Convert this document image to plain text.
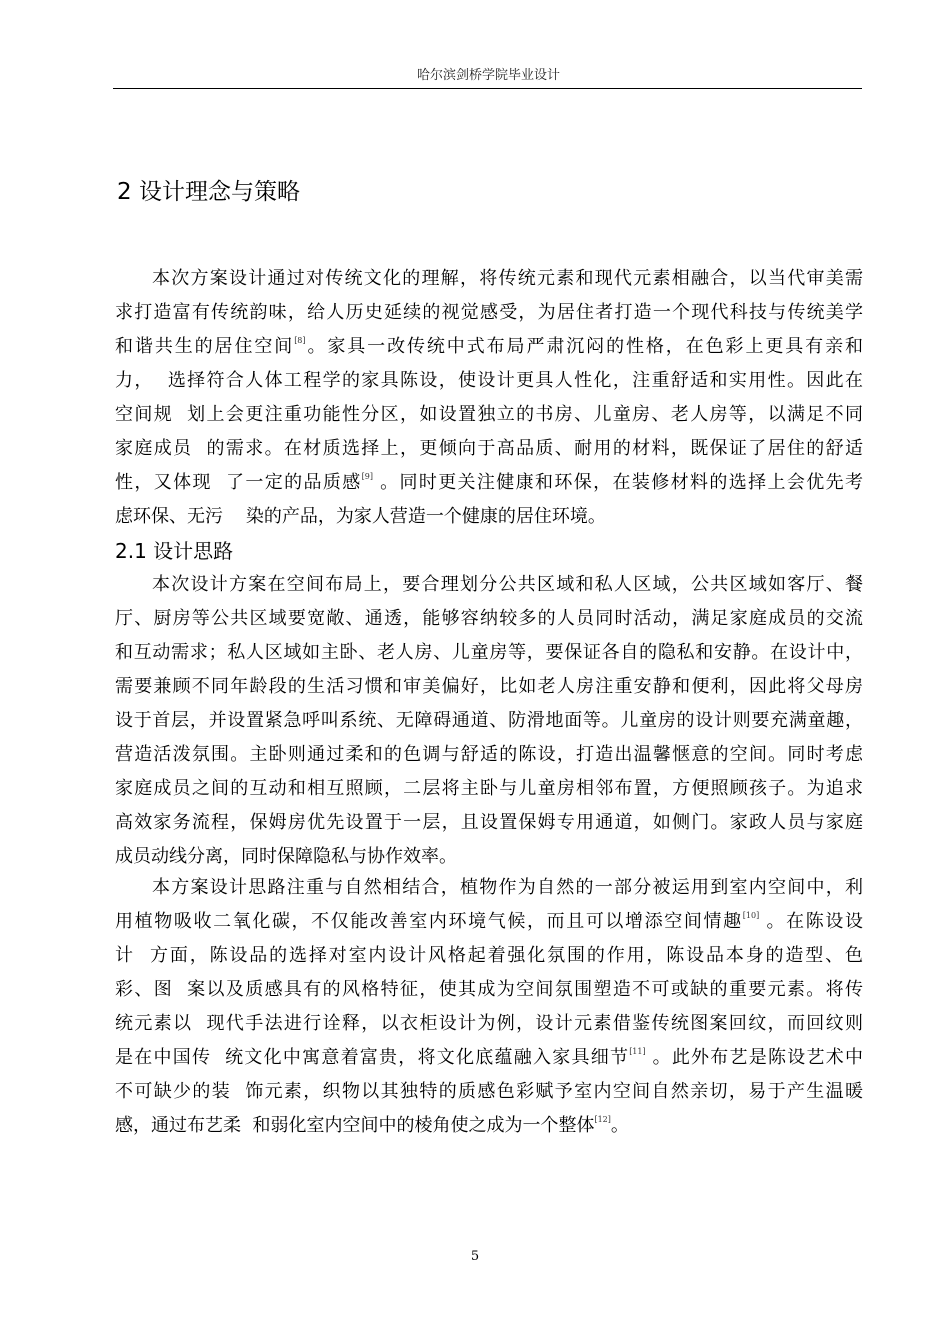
哈尔滨剑桥学院毕业设计
2 设计理念与策略
本次方案设计通过对传统文化的理解，将传统元素和现代元素相融合，以当代审美需
求打造富有传统韵味，给人历史延续的视觉感受，为居住者打造一个现代科技与传统美学
和谐共生的居住空间[8]。家具一改传统中式布局严肃沉闷的性格，在色彩上更具有亲和
力，  选择符合人体工程学的家具陈设，使设计更具人性化，注重舒适和实用性。因此在
空间规  划上会更注重功能性分区，如设置独立的书房、儿童房、老人房等，以满足不同
家庭成员  的需求。在材质选择上，更倾向于高品质、耐用的材料，既保证了居住的舒适
性，又体现  了一定的品质感[9] 。同时更关注健康和环保，在装修材料的选择上会优先考
虑环保、无污    染的产品，为家人营造一个健康的居住环境。
2.1 设计思路
本次设计方案在空间布局上，要合理划分公共区域和私人区域，公共区域如客厅、餐
厅、厨房等公共区域要宽敞、通透，能够容纳较多的人员同时活动，满足家庭成员的交流
和互动需求；私人区域如主卧、老人房、儿童房等，要保证各自的隐私和安静。在设计中，
需要兼顾不同年龄段的生活习惯和审美偏好，比如老人房注重安静和便利，因此将父母房
设于首层，并设置紧急呼叫系统、无障碍通道、防滑地面等。儿童房的设计则要充满童趣，
营造活泼氛围。主卧则通过柔和的色调与舒适的陈设，打造出温馨惬意的空间。同时考虑
家庭成员之间的互动和相互照顾，二层将主卧与儿童房相邻布置，方便照顾孩子。为追求
高效家务流程，保姆房优先设置于一层，且设置保姆专用通道，如侧门。家政人员与家庭
成员动线分离，同时保障隐私与协作效率。
本方案设计思路注重与自然相结合，植物作为自然的一部分被运用到室内空间中，利
用植物吸收二氧化碳，不仅能改善室内环境气候，而且可以增添空间情趣[10] 。在陈设设
计  方面，陈设品的选择对室内设计风格起着强化氛围的作用，陈设品本身的造型、色
彩、图  案以及质感具有的风格特征，使其成为空间氛围塑造不可或缺的重要元素。将传
统元素以  现代手法进行诠释，以衣柜设计为例，设计元素借鉴传统图案回纹，而回纹则
是在中国传  统文化中寓意着富贵，将文化底蕴融入家具细节[11] 。此外布艺是陈设艺术中
不可缺少的装  饰元素，织物以其独特的质感色彩赋予室内空间自然亲切，易于产生温暖
感，通过布艺柔  和弱化室内空间中的棱角使之成为一个整体[12]。
5
